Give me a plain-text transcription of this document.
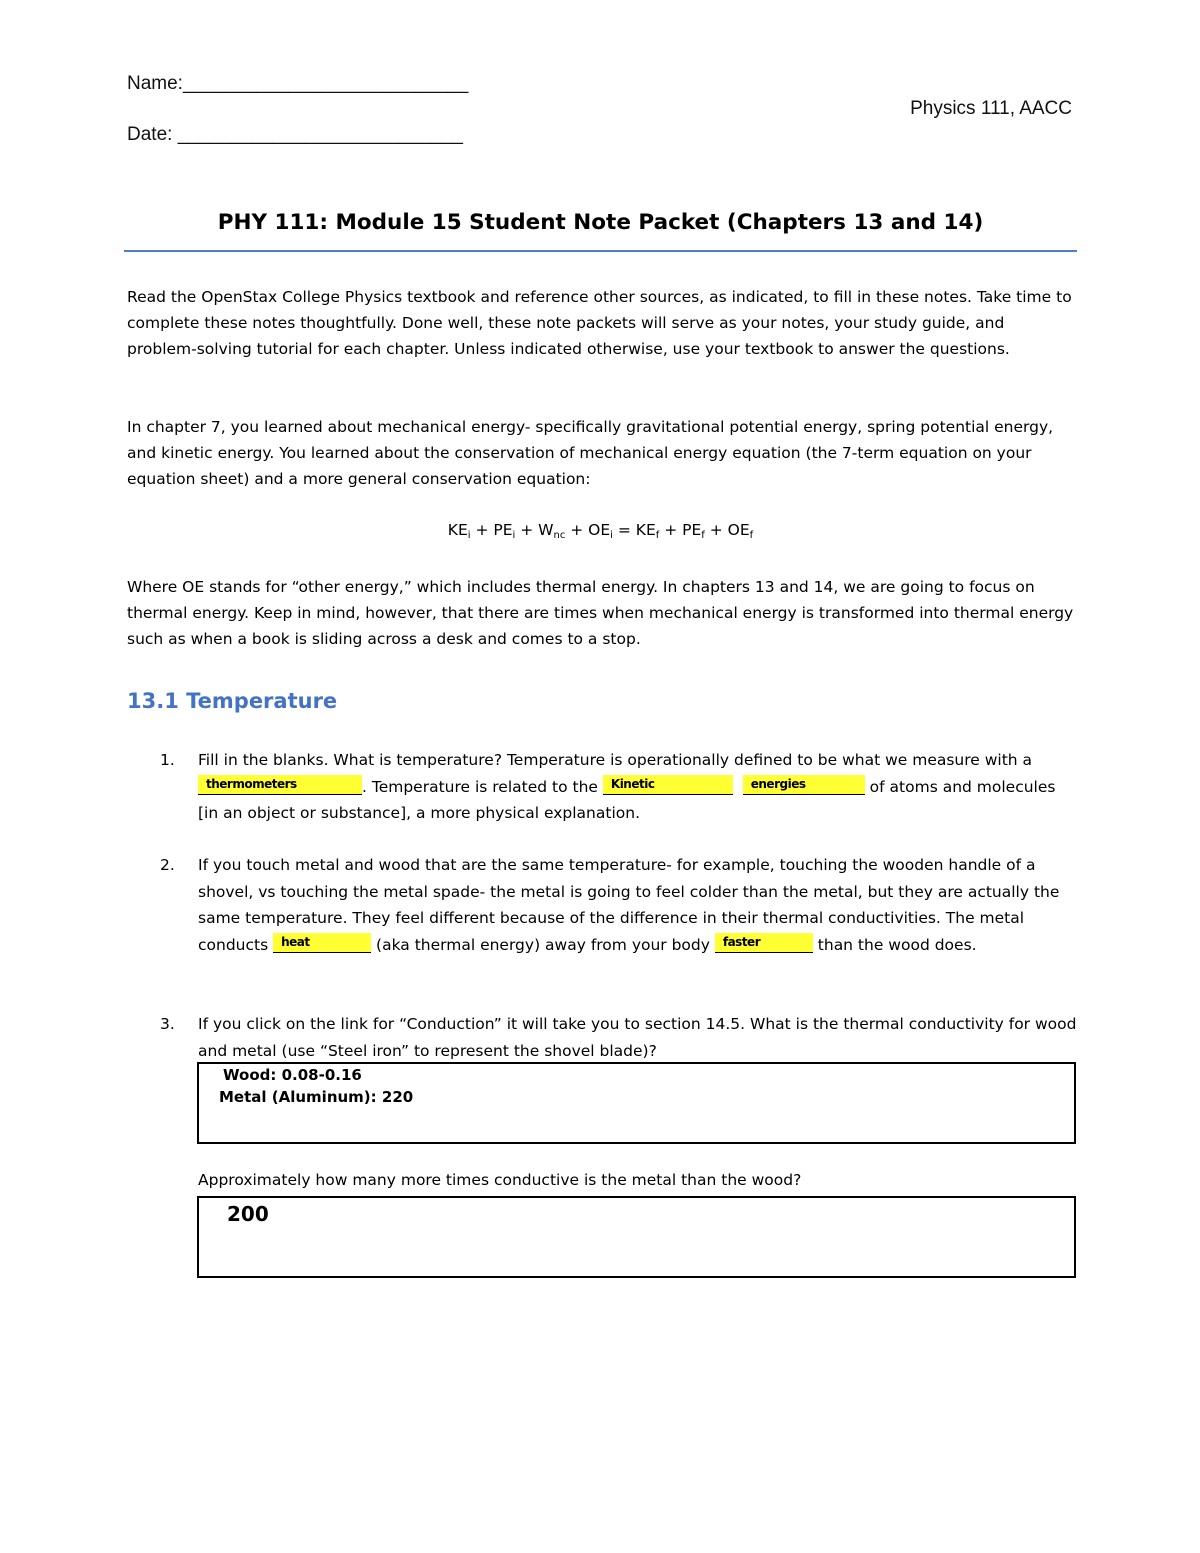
Name:___________________________
Date: ___________________________
Physics 111, AACC
PHY 111: Module 15 Student Note Packet (Chapters 13 and 14)

Read the OpenStax College Physics textbook and reference other sources, as indicated, to fill in these notes. Take time to complete these notes thoughtfully. Done well, these note packets will serve as your notes, your study guide, and problem-solving tutorial for each chapter. Unless indicated otherwise, use your textbook to answer the questions.

In chapter 7, you learned about mechanical energy- specifically gravitational potential energy, spring potential energy, and kinetic energy. You learned about the conservation of mechanical energy equation (the 7-term equation on your equation sheet) and a more general conservation equation:

$KE_i + PE_i + W_{nc} + OE_i = KE_f + PE_f + OE_f$

Where OE stands for “other energy,” which includes thermal energy. In chapters 13 and 14, we are going to focus on thermal energy. Keep in mind, however, that there are times when mechanical energy is transformed into thermal energy such as when a book is sliding across a desk and comes to a stop.

13.1 Temperature
1. Fill in the blanks. What is temperature? Temperature is operationally defined to be what we measure with a
thermometers	. Temperature is related to the Kinetic
	energies	of atoms and molecules [in an object or substance], a more physical explanation.
2. If you touch metal and wood that are the same temperature- for example, touching the wooden handle of a shovel, vs touching the metal spade- the metal is going to feel colder than the metal, but they are actually the same temperature. They feel different because of the difference in their thermal conductivities. The metal conducts heat	(aka thermal energy) away from your body faster	than the wood does.
3. If you click on the link for “Conduction” it will take you to section 14.5. What is the thermal conductivity for wood and metal (use “Steel iron” to represent the shovel blade)?
Wood: 0.08-0.16
Metal (Aluminum): 220
Approximately how many more times conductive is the metal than the wood?
200
